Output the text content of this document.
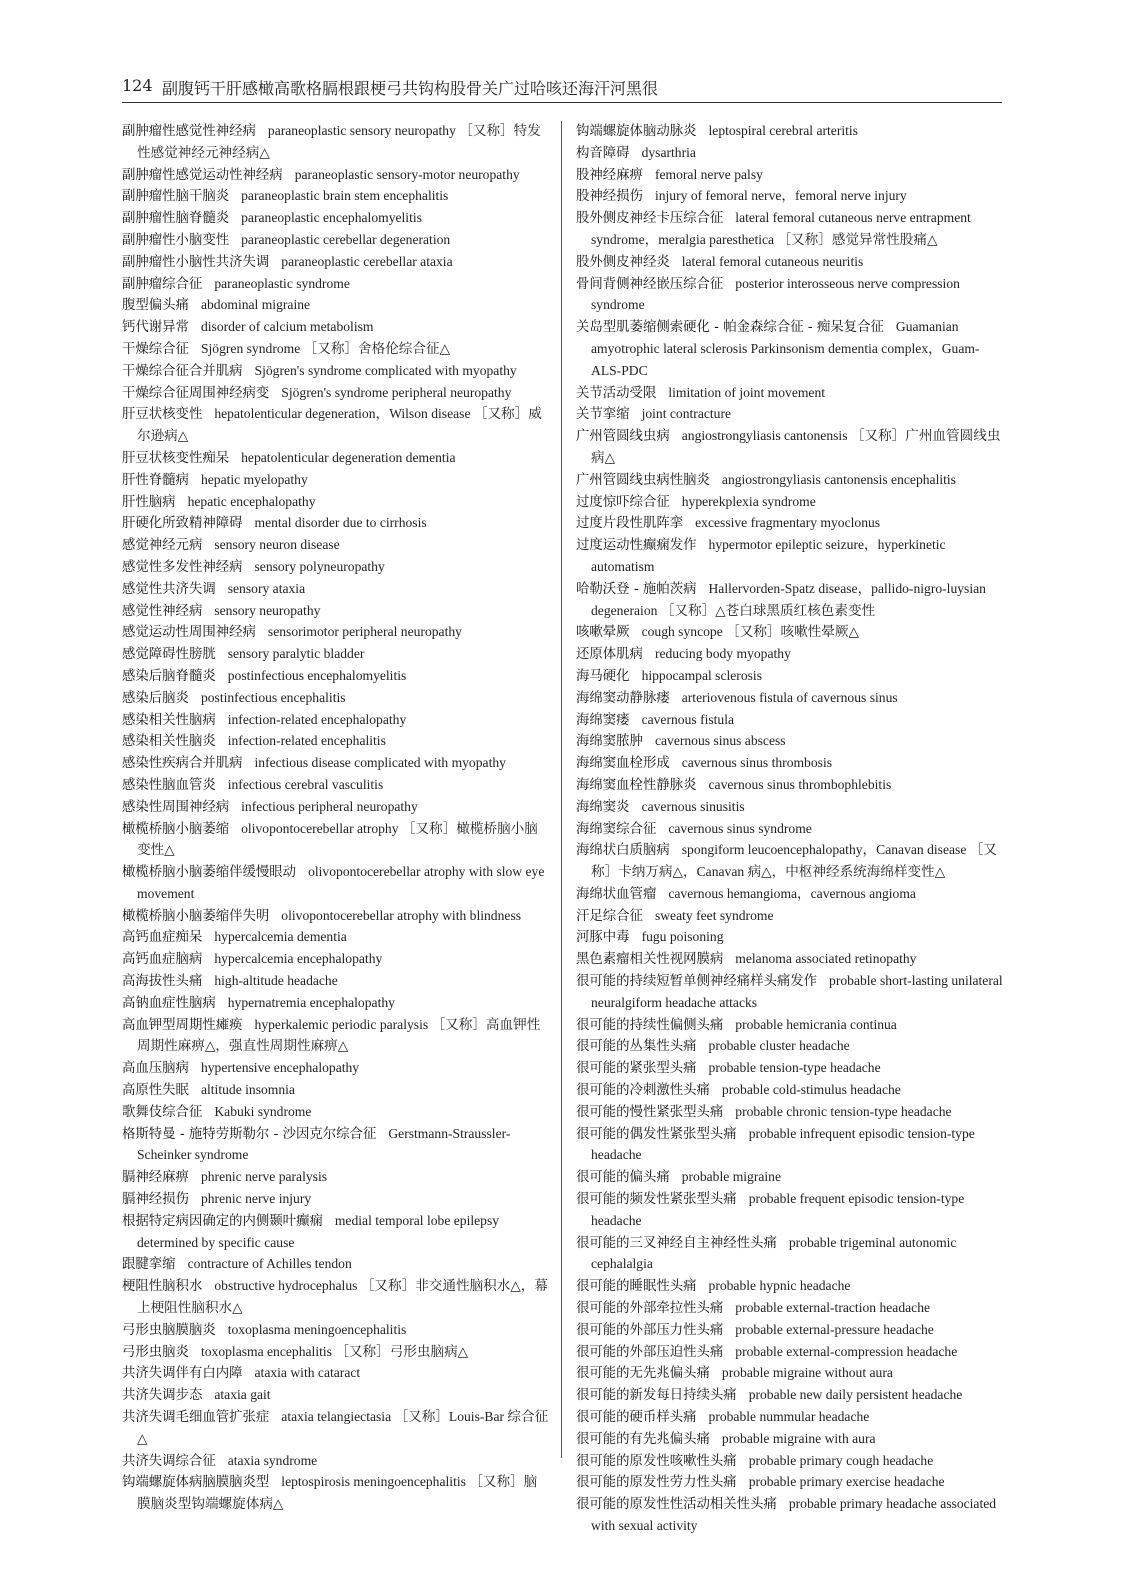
124 副腹钙干肝感橄高歌格膈根跟梗弓共钩构股骨关广过哈咳还海汗河黑很
副肿瘤性感觉性神经病 paraneoplastic sensory neuropathy ［又称］特发性感觉神经元神经病△
副肿瘤性感觉运动性神经病 paraneoplastic sensory-motor neuropathy
副肿瘤性脑干脑炎 paraneoplastic brain stem encephalitis
副肿瘤性脑脊髓炎 paraneoplastic encephalomyelitis
副肿瘤性小脑变性 paraneoplastic cerebellar degeneration
副肿瘤性小脑性共济失调 paraneoplastic cerebellar ataxia
副肿瘤综合征 paraneoplastic syndrome
腹型偏头痛 abdominal migraine
钙代谢异常 disorder of calcium metabolism
干燥综合征 Sjögren syndrome ［又称］舍格伦综合征△
干燥综合征合并肌病 Sjögren's syndrome complicated with myopathy
干燥综合征周围神经病变 Sjögren's syndrome peripheral neuropathy
肝豆状核变性 hepatolenticular degeneration，Wilson disease ［又称］威尔逊病△
肝豆状核变性痴呆 hepatolenticular degeneration dementia
肝性脊髓病 hepatic myelopathy
肝性脑病 hepatic encephalopathy
肝硬化所致精神障碍 mental disorder due to cirrhosis
感觉神经元病 sensory neuron disease
感觉性多发性神经病 sensory polyneuropathy
感觉性共济失调 sensory ataxia
感觉性神经病 sensory neuropathy
感觉运动性周围神经病 sensorimotor peripheral neuropathy
感觉障碍性膀胱 sensory paralytic bladder
感染后脑脊髓炎 postinfectious encephalomyelitis
感染后脑炎 postinfectious encephalitis
感染相关性脑病 infection-related encephalopathy
感染相关性脑炎 infection-related encephalitis
感染性疾病合并肌病 infectious disease complicated with myopathy
感染性脑血管炎 infectious cerebral vasculitis
感染性周围神经病 infectious peripheral neuropathy
橄榄桥脑小脑萎缩 olivopontocerebellar atrophy ［又称］橄榄桥脑小脑变性△
橄榄桥脑小脑萎缩伴缓慢眼动 olivopontocerebellar atrophy with slow eye movement
橄榄桥脑小脑萎缩伴失明 olivopontocerebellar atrophy with blindness
高钙血症痴呆 hypercalcemia dementia
高钙血症脑病 hypercalcemia encephalopathy
高海拔性头痛 high-altitude headache
高钠血症性脑病 hypernatremia encephalopathy
高血钾型周期性瘫痪 hyperkalemic periodic paralysis ［又称］高血钾性周期性麻痹△，强直性周期性麻痹△
高血压脑病 hypertensive encephalopathy
高原性失眠 altitude insomnia
歌舞伎综合征 Kabuki syndrome
格斯特曼 - 施特劳斯勒尔 - 沙因克尔综合征 Gerstmann-Straussler-Scheinker syndrome
膈神经麻痹 phrenic nerve paralysis
膈神经损伤 phrenic nerve injury
根据特定病因确定的内侧颞叶癫痫 medial temporal lobe epilepsy determined by specific cause
跟腱挛缩 contracture of Achilles tendon
梗阻性脑积水 obstructive hydrocephalus ［又称］非交通性脑积水△，幕上梗阻性脑积水△
弓形虫脑膜脑炎 toxoplasma meningoencephalitis
弓形虫脑炎 toxoplasma encephalitis ［又称］弓形虫脑病△
共济失调伴有白内障 ataxia with cataract
共济失调步态 ataxia gait
共济失调毛细血管扩张症 ataxia telangiectasia ［又称］Louis-Bar 综合征△
共济失调综合征 ataxia syndrome
钩端螺旋体病脑膜脑炎型 leptospirosis meningoencephalitis ［又称］脑膜脑炎型钩端螺旋体病△
钩端螺旋体脑动脉炎 leptospiral cerebral arteritis
构音障碍 dysarthria
股神经麻痹 femoral nerve palsy
股神经损伤 injury of femoral nerve，femoral nerve injury
股外侧皮神经卡压综合征 lateral femoral cutaneous nerve entrapment syndrome，meralgia paresthetica ［又称］感觉异常性股痛△
股外侧皮神经炎 lateral femoral cutaneous neuritis
骨间背侧神经嵌压综合征 posterior interosseous nerve compression syndrome
关岛型肌萎缩侧索硬化 - 帕金森综合征 - 痴呆复合征 Guamanian amyotrophic lateral sclerosis Parkinsonism dementia complex，Guam-ALS-PDC
关节活动受限 limitation of joint movement
关节挛缩 joint contracture
广州管圆线虫病 angiostrongyliasis cantonensis ［又称］广州血管圆线虫病△
广州管圆线虫病性脑炎 angiostrongyliasis cantonensis encephalitis
过度惊吓综合征 hyperekplexia syndrome
过度片段性肌阵挛 excessive fragmentary myoclonus
过度运动性癫痫发作 hypermotor epileptic seizure，hyperkinetic automatism
哈勒沃登 - 施帕茨病 Hallervorden-Spatz disease，pallido-nigro-luysian degeneraion ［又称］△苍白球黑质红核色素变性
咳嗽晕厥 cough syncope ［又称］咳嗽性晕厥△
还原体肌病 reducing body myopathy
海马硬化 hippocampal sclerosis
海绵窦动静脉瘘 arteriovenous fistula of cavernous sinus
海绵窦瘘 cavernous fistula
海绵窦脓肿 cavernous sinus abscess
海绵窦血栓形成 cavernous sinus thrombosis
海绵窦血栓性静脉炎 cavernous sinus thrombophlebitis
海绵窦炎 cavernous sinusitis
海绵窦综合征 cavernous sinus syndrome
海绵状白质脑病 spongiform leucoencephalopathy，Canavan disease ［又称］卡纳万病△，Canavan 病△，中枢神经系统海绵样变性△
海绵状血管瘤 cavernous hemangioma，cavernous angioma
汗足综合征 sweaty feet syndrome
河豚中毒 fugu poisoning
黑色素瘤相关性视网膜病 melanoma associated retinopathy
很可能的持续短暂单侧神经痛样头痛发作 probable short-lasting unilateral neuralgiform headache attacks
很可能的持续性偏侧头痛 probable hemicrania continua
很可能的丛集性头痛 probable cluster headache
很可能的紧张型头痛 probable tension-type headache
很可能的冷刺激性头痛 probable cold-stimulus headache
很可能的慢性紧张型头痛 probable chronic tension-type headache
很可能的偶发性紧张型头痛 probable infrequent episodic tension-type headache
很可能的偏头痛 probable migraine
很可能的频发性紧张型头痛 probable frequent episodic tension-type headache
很可能的三叉神经自主神经性头痛 probable trigeminal autonomic cephalalgia
很可能的睡眠性头痛 probable hypnic headache
很可能的外部牵拉性头痛 probable external-traction headache
很可能的外部压力性头痛 probable external-pressure headache
很可能的外部压迫性头痛 probable external-compression headache
很可能的无先兆偏头痛 probable migraine without aura
很可能的新发每日持续头痛 probable new daily persistent headache
很可能的硬币样头痛 probable nummular headache
很可能的有先兆偏头痛 probable migraine with aura
很可能的原发性咳嗽性头痛 probable primary cough headache
很可能的原发性劳力性头痛 probable primary exercise headache
很可能的原发性性活动相关性头痛 probable primary headache associated with sexual activity
